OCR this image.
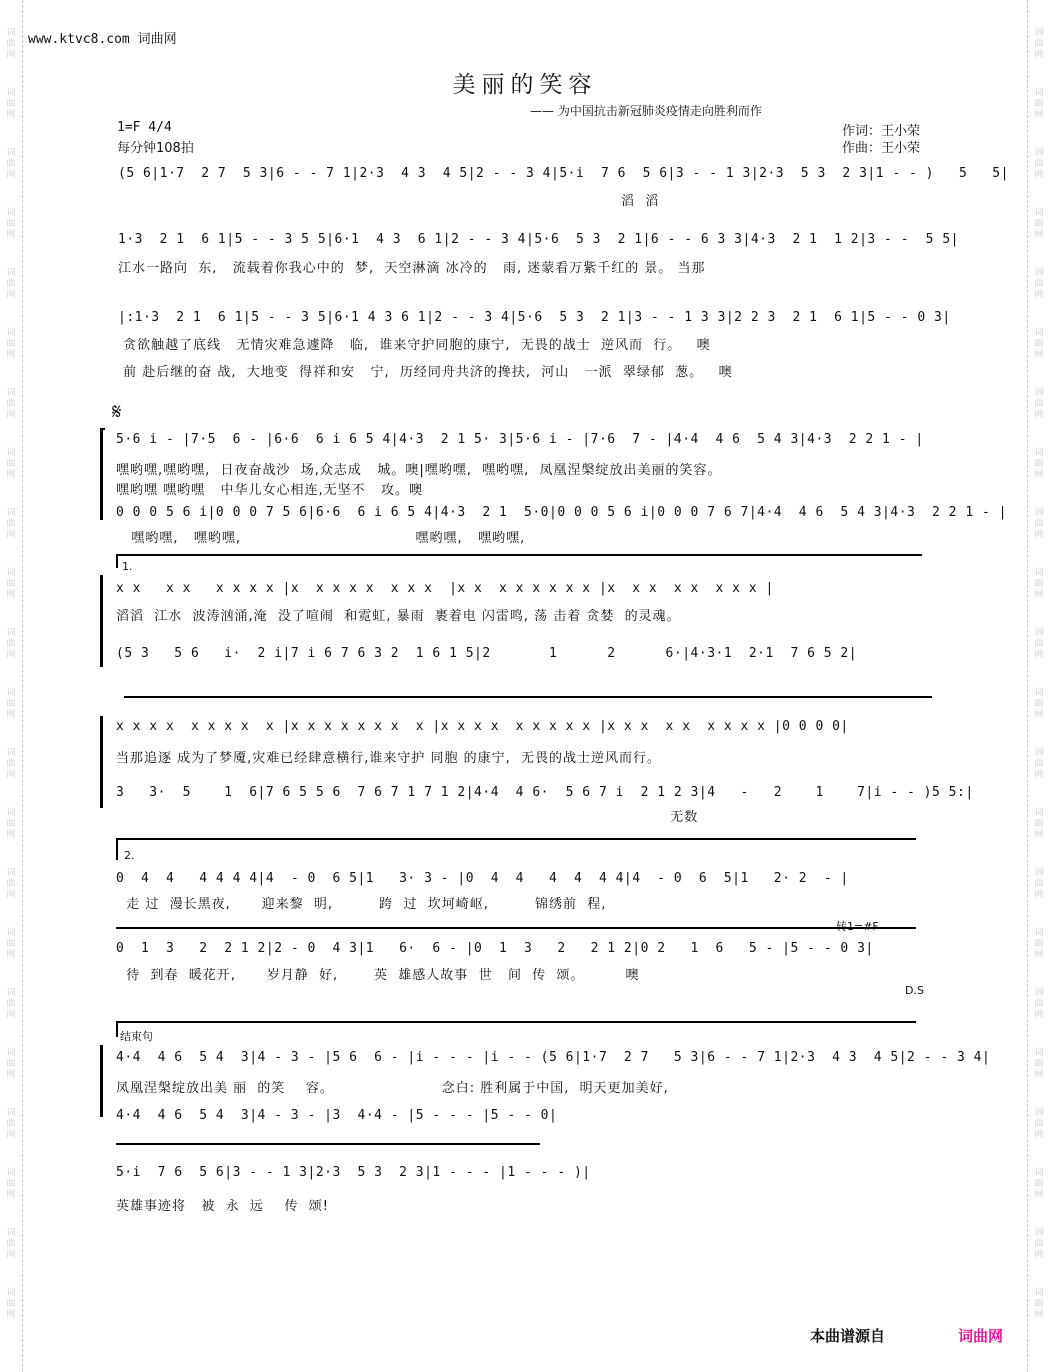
www.ktvc8.com 词曲网
美丽的笑容
—— 为中国抗击新冠肺炎疫情走向胜利而作
1=F 4/4
每分钟108拍
作词：王小荣
作曲：王小荣
(5 6|1·7  2 7  5 3|6 - - 7 1|2·3  4 3  4 5|2 - - 3 4|5·i  7 6  5 6|3 - - 1 3|2·3  5 3  2 3|1 - - )   5   5|
滔  滔
1·3  2 1  6 1|5 - - 3 5 5|6·1  4 3  6 1|2 - - 3 4|5·6  5 3  2 1|6 - - 6 3 3|4·3  2 1  1 2|3 - -  5 5|
江水一路向  东,   流载着你我心中的  梦,  天空淋滴 冰冷的   雨, 迷蒙看万紫千红的 景。 当那
|:1·3  2 1  6 1|5 - - 3 5|6·1 4 3 6 1|2 - - 3 4|5·6  5 3  2 1|3 - - 1 3 3|2 2 3  2 1  6 1|5 - - 0 3|
贪欲触越了底线   无情灾难急遽降   临,  谁来守护同胞的康宁,  无畏的战士  逆风而  行。   噢
前 赴后继的奋 战,  大地变  得祥和安   宁,  历经同舟共济的搀扶,  河山   一派  翠绿郁  葱。   噢
𝄋
5·6 i - |7·5  6 - |6·6  6 i 6 5 4|4·3  2 1 5· 3|5·6 i - |7·6  7 - |4·4  4 6  5 4 3|4·3  2 2 1 - |
嘿哟嘿,嘿哟嘿,  日夜奋战沙  场,众志成   城。噢|嘿哟嘿,  嘿哟嘿,  凤凰涅槃绽放出美丽的笑容。
嘿哟嘿 嘿哟嘿   中华儿女心相连,无坚不   攻。噢
0 0 0 5 6 i|0 0 0 7 5 6|6·6  6 i 6 5 4|4·3  2 1  5·0|0 0 0 5 6 i|0 0 0 7 6 7|4·4  4 6  5 4 3|4·3  2 2 1 - |
嘿哟嘿,   嘿哟嘿,                                  嘿哟嘿,   嘿哟嘿,
1.
x x   x x   x x x x |x  x x x x  x x x  |x x  x x x x x x |x  x x  x x  x x x |
滔滔  江水  波涛汹涌,淹  没了喧闹  和霓虹, 暴雨  裹着电 闪雷鸣, 荡 击着 贪婪  的灵魂。
(5 3   5 6   i·  2 i|7 i 6 7 6 3 2  1 6 1 5|2       1      2      6·|4·3·1  2·1  7 6 5 2|
x x x x  x x x x  x |x x x x x x x  x |x x x x  x x x x x |x x x  x x  x x x x |0 0 0 0|
当那追逐 成为了梦魇,灾难已经肆意横行,谁来守护 同胞 的康宁,  无畏的战士逆风而行。
3   3·  5    1  6|7 6 5 5 6  7 6 7 1 7 1 2|4·4  4 6·  5 6 7 i  2 1 2 3|4   -   2    1    7|i - - )5 5:|
无数
2.
0  4  4   4 4 4 4|4  - 0  6 5|1   3· 3 - |0  4  4   4  4  4 4|4  - 0  6  5|1   2· 2  - |
走 过  漫长黑夜,      迎来黎  明,         跨  过  坎坷崎岖,         锦绣前  程,
0  1  3   2  2 1 2|2 - 0  4 3|1   6·  6 - |0  1  3   2   2 1 2|0 2   1  6   5 - |5 - - 0 3|
待  到春  暖花开,      岁月静  好,       英  雄感人故事  世   间  传  颂。        噢
D.S
结束句
4·4  4 6  5 4  3|4 - 3 - |5 6  6 - |i - - - |i - - (5 6|1·7  2 7   5 3|6 - - 7 1|2·3  4 3  4 5|2 - - 3 4|
凤凰涅槃绽放出美 丽  的笑    容。                     念白: 胜利属于中国,  明天更加美好,
4·4  4 6  5 4  3|4 - 3 - |3  4·4 - |5 - - - |5 - - 0|
5·i  7 6  5 6|3 - - 1 3|2·3  5 3  2 3|1 - - - |1 - - - )|
英雄事迹将   被  永  远    传  颂!
本曲谱源自	词曲网
词曲网
词曲网
词曲网
词曲网
词曲网
词曲网
词曲网
词曲网
词曲网
词曲网
词曲网
词曲网
词曲网
词曲网
词曲网
词曲网
词曲网
词曲网
词曲网
词曲网
词曲网
词曲网
词曲网
词曲网
词曲网
词曲网
词曲网
词曲网
词曲网
词曲网
词曲网
词曲网
词曲网
词曲网
词曲网
词曲网
词曲网
词曲网
词曲网
词曲网
词曲网
词曲网
词曲网
词曲网
